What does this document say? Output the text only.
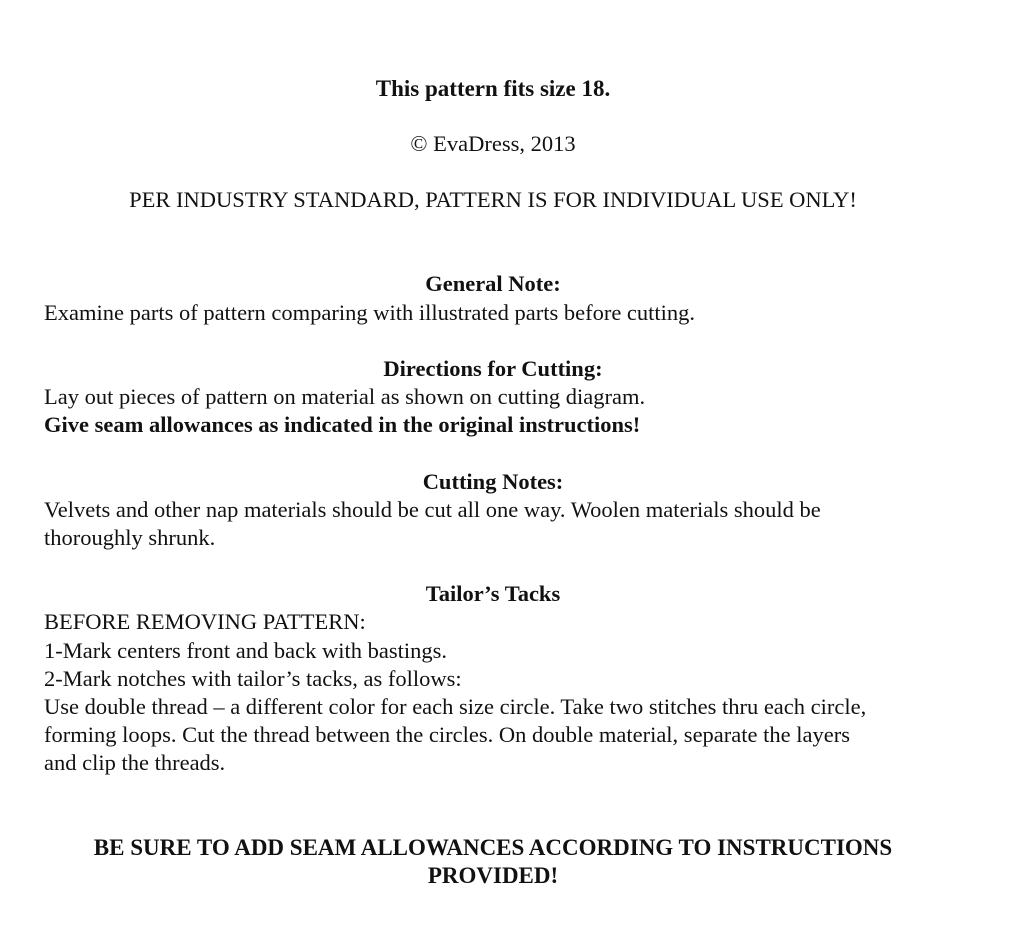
This pattern fits size 18.
© EvaDress, 2013
PER INDUSTRY STANDARD, PATTERN IS FOR INDIVIDUAL USE ONLY!
General Note:
Examine parts of pattern comparing with illustrated parts before cutting.
Directions for Cutting:
Lay out pieces of pattern on material as shown on cutting diagram.
Give seam allowances as indicated in the original instructions!
Cutting Notes:
Velvets and other nap materials should be cut all one way. Woolen materials should be
thoroughly shrunk.
Tailor’s Tacks
BEFORE REMOVING PATTERN:
1-Mark centers front and back with bastings.
2-Mark notches with tailor’s tacks, as follows:
Use double thread – a different color for each size circle. Take two stitches thru each circle,
forming loops. Cut the thread between the circles. On double material, separate the layers
and clip the threads.
BE SURE TO ADD SEAM ALLOWANCES ACCORDING TO INSTRUCTIONS
PROVIDED!
